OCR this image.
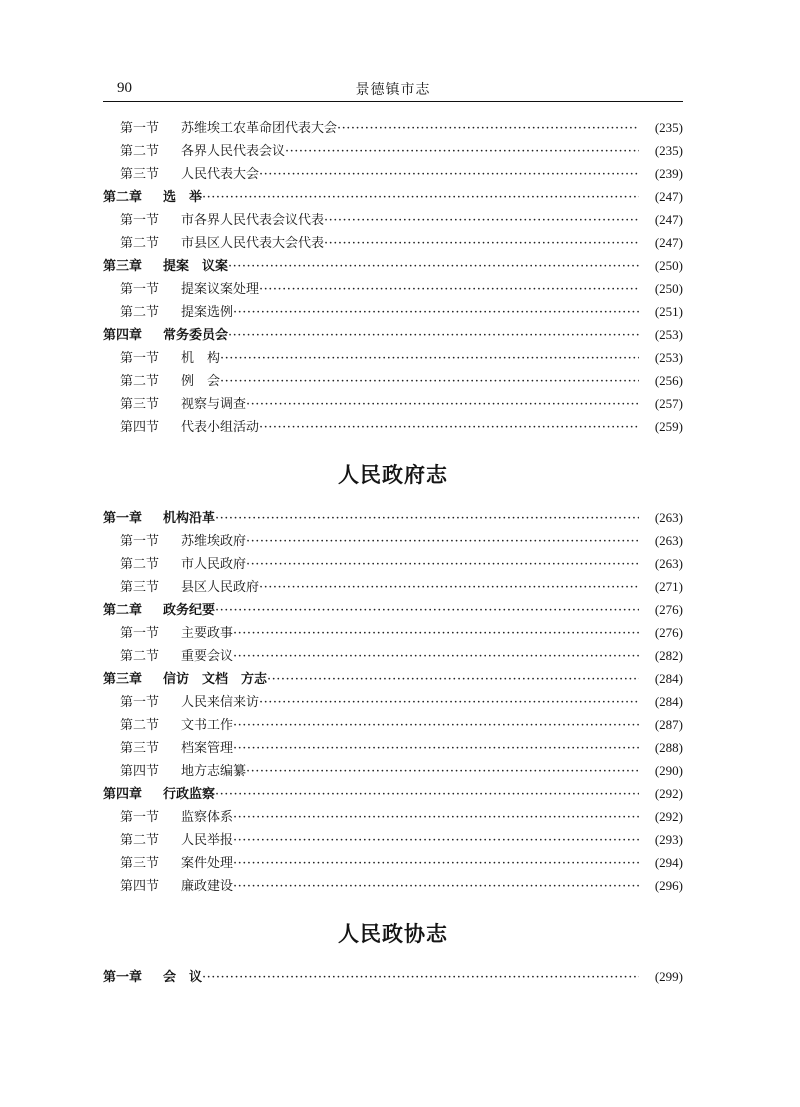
90	景德镇市志
第一节	苏维埃工农革命团代表大会 ·····	(235)
第二节	各界人民代表会议 ·····	(235)
第三节	人民代表大会 ·····	(239)
第二章	选　举 ·····	(247)
第一节	市各界人民代表会议代表 ·····	(247)
第二节	市县区人民代表大会代表 ·····	(247)
第三章	提案　议案 ·····	(250)
第一节	提案议案处理 ·····	(250)
第二节	提案选例 ·····	(251)
第四章	常务委员会 ·····	(253)
第一节	机　构 ·····	(253)
第二节	例　会 ·····	(256)
第三节	视察与调查 ·····	(257)
第四节	代表小组活动 ·····	(259)
人民政府志
第一章	机构沿革 ·····	(263)
第一节	苏维埃政府 ·····	(263)
第二节	市人民政府 ·····	(263)
第三节	县区人民政府 ·····	(271)
第二章	政务纪要 ·····	(276)
第一节	主要政事 ·····	(276)
第二节	重要会议 ·····	(282)
第三章	信访　文档　方志 ·····	(284)
第一节	人民来信来访 ·····	(284)
第二节	文书工作 ·····	(287)
第三节	档案管理 ·····	(288)
第四节	地方志编纂 ·····	(290)
第四章	行政监察 ·····	(292)
第一节	监察体系 ·····	(292)
第二节	人民举报 ·····	(293)
第三节	案件处理 ·····	(294)
第四节	廉政建设 ·····	(296)
人民政协志
第一章	会　议 ·····	(299)
